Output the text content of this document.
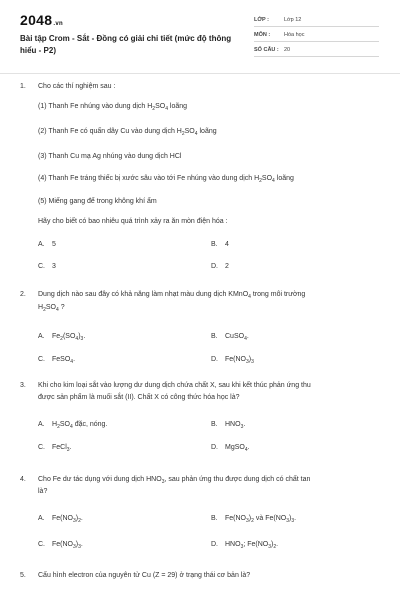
2048.vn
Bài tập Crom - Sắt - Đồng có giải chi tiết (mức độ thông hiểu - P2)
LỚP :	Lớp 12
MÔN :	Hóa học
SỐ CÂU : 20
1. Cho các thí nghiệm sau :
(1) Thanh Fe nhúng vào dung dịch $H_2SO_4$ loãng
(2) Thanh Fe có quấn dây Cu vào dung dịch $H_2SO_4$ loãng
(3) Thanh Cu mạ Ag nhúng vào dung dịch HCl
(4) Thanh Fe tráng thiếc bị xước sâu vào tới Fe nhúng vào dung dịch $H_2SO_4$ loãng
(5) Miếng gang để trong không khí ẩm
Hãy cho biết có bao nhiêu quá trình xảy ra ăn mòn điện hóa :
A. 5	B. 4
C. 3	D. 2
2. Dung dịch nào sau đây có khả năng làm nhạt màu dung dịch KMnO$_4$ trong môi trường
$H_2SO_4$ ?
A. $Fe_2(SO_4)_3$.	B. CuSO$_4$.
C. FeSO$_4$.	D. $Fe(NO_3)_3$
3. Khi cho kim loại sắt vào lượng dư dung dịch chứa chất X, sau khi kết thúc phản ứng thu
được sản phẩm là muối sắt (II). Chất X có công thức hóa học là?
A. $H_2SO_4$ đặc, nóng.	B. $HNO_3$.
C. FeCl$_3$.	D. MgSO$_4$.
4. Cho Fe dư tác dụng với dung dịch $HNO_3$, sau phản ứng thu được dung dịch có chất tan
là?
A. $Fe(NO_3)_2$.	B. $Fe(NO_3)_2$ và $Fe(NO_3)_3$.
C. $Fe(NO_3)_3$.	D. $HNO_3$; $Fe(NO_3)_2$.
5. Cấu hình electron của nguyên tử Cu (Z = 29) ở trạng thái cơ bản là?
